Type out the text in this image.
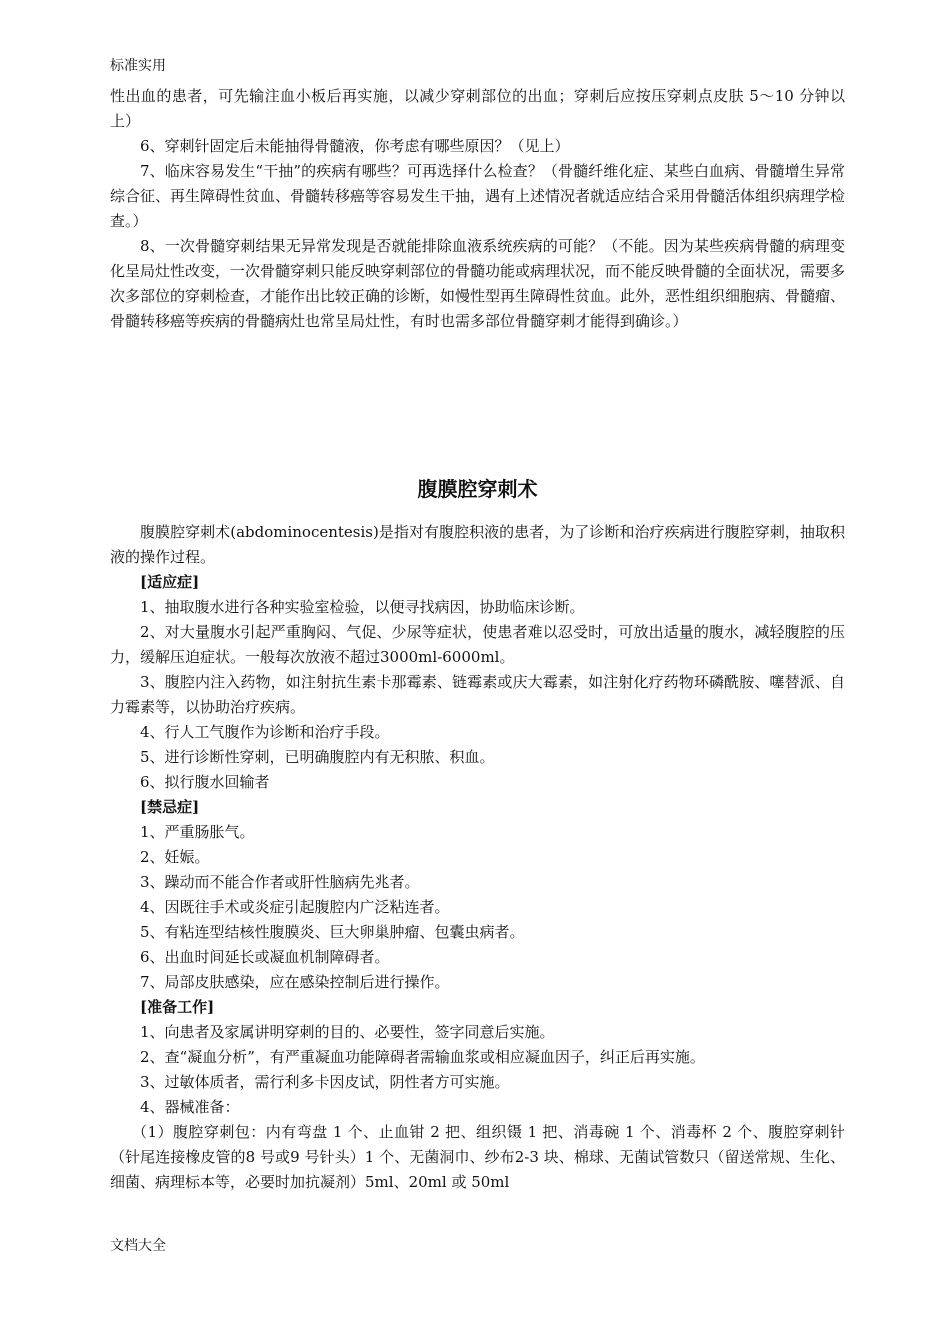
标准实用

性出血的患者，可先输注血小板后再实施，以减少穿刺部位的出血；穿刺后应按压穿刺点皮肤 5～10 分钟以上）

6、穿刺针固定后未能抽得骨髓液，你考虑有哪些原因？（见上）

7、临床容易发生“干抽”的疾病有哪些？可再选择什么检查？（骨髓纤维化症、某些白血病、骨髓增生异常综合征、再生障碍性贫血、骨髓转移癌等容易发生干抽，遇有上述情况者就适应结合采用骨髓活体组织病理学检查。）

8、一次骨髓穿刺结果无异常发现是否就能排除血液系统疾病的可能？（不能。因为某些疾病骨髓的病理变化呈局灶性改变，一次骨髓穿刺只能反映穿刺部位的骨髓功能或病理状况，而不能反映骨髓的全面状况，需要多次多部位的穿刺检查，才能作出比较正确的诊断，如慢性型再生障碍性贫血。此外，恶性组织细胞病、骨髓瘤、骨髓转移癌等疾病的骨髓病灶也常呈局灶性，有时也需多部位骨髓穿刺才能得到确诊。）

腹膜腔穿刺术

腹膜腔穿刺术(abdominocentesis)是指对有腹腔积液的患者，为了诊断和治疗疾病进行腹腔穿刺，抽取积液的操作过程。

[适应症]

1、抽取腹水进行各种实验室检验，以便寻找病因，协助临床诊断。

2、对大量腹水引起严重胸闷、气促、少尿等症状，使患者难以忍受时，可放出适量的腹水，减轻腹腔的压力，缓解压迫症状。一般每次放液不超过3000ml-6000ml。

3、腹腔内注入药物，如注射抗生素卡那霉素、链霉素或庆大霉素，如注射化疗药物环磷酰胺、噻替派、自力霉素等，以协助治疗疾病。

4、行人工气腹作为诊断和治疗手段。

5、进行诊断性穿刺，已明确腹腔内有无积脓、积血。

6、拟行腹水回输者

[禁忌症]

1、严重肠胀气。

2、妊娠。

3、躁动而不能合作者或肝性脑病先兆者。

4、因既往手术或炎症引起腹腔内广泛粘连者。

5、有粘连型结核性腹膜炎、巨大卵巢肿瘤、包囊虫病者。

6、出血时间延长或凝血机制障碍者。

7、局部皮肤感染，应在感染控制后进行操作。

[准备工作]

1、向患者及家属讲明穿刺的目的、必要性，签字同意后实施。

2、查“凝血分析”，有严重凝血功能障碍者需输血浆或相应凝血因子，纠正后再实施。

3、过敏体质者，需行利多卡因皮试，阴性者方可实施。

4、器械准备：

（1）腹腔穿刺包：内有弯盘 1 个、止血钳 2 把、组织镊 1 把、消毒碗 1 个、消毒杯 2 个、腹腔穿刺针（针尾连接橡皮管的8 号或9 号针头）1 个、无菌洞巾、纱布2-3 块、棉球、无菌试管数只（留送常规、生化、细菌、病理标本等，必要时加抗凝剂）5ml、20ml 或 50ml

文档大全
